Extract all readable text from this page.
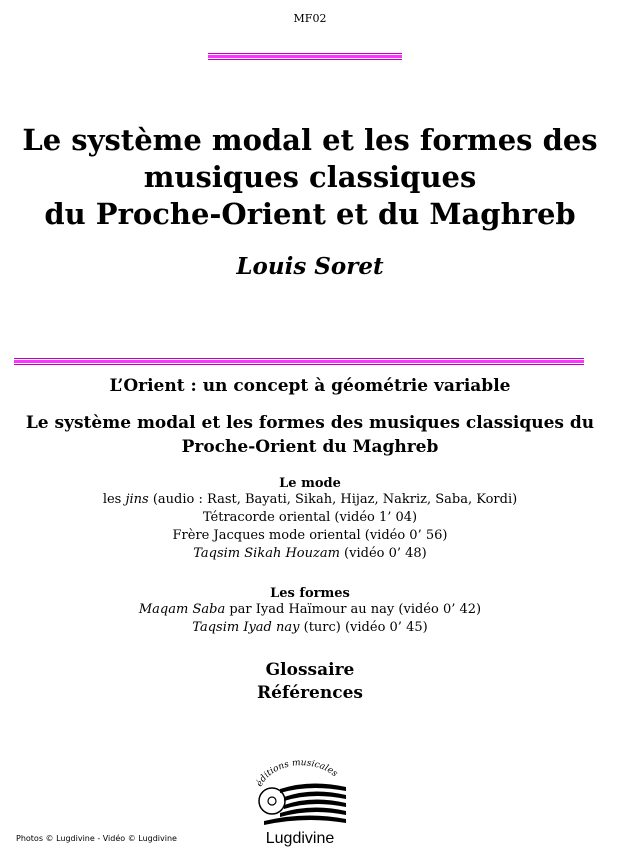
MF02
Le système modal et les formes des
musiques classiques
du Proche-Orient et du Maghreb
Louis Soret
L’Orient : un concept à géométrie variable
Le système modal et les formes des musiques classiques du
Proche-Orient du Maghreb
Le mode
les jins (audio : Rast, Bayati, Sikah, Hijaz, Nakriz, Saba, Kordi)
Tétracorde oriental (vidéo 1’ 04)
Frère Jacques mode oriental (vidéo 0’ 56)
Taqsim Sikah Houzam (vidéo 0’ 48)
Les formes
Maqam Saba par Iyad Haïmour au nay (vidéo 0’ 42)
Taqsim Iyad nay (turc) (vidéo 0’ 45)
Glossaire
Références
Photos © Lugdivine - Vidéo © Lugdivine
éditions musicales
Lugdivine
